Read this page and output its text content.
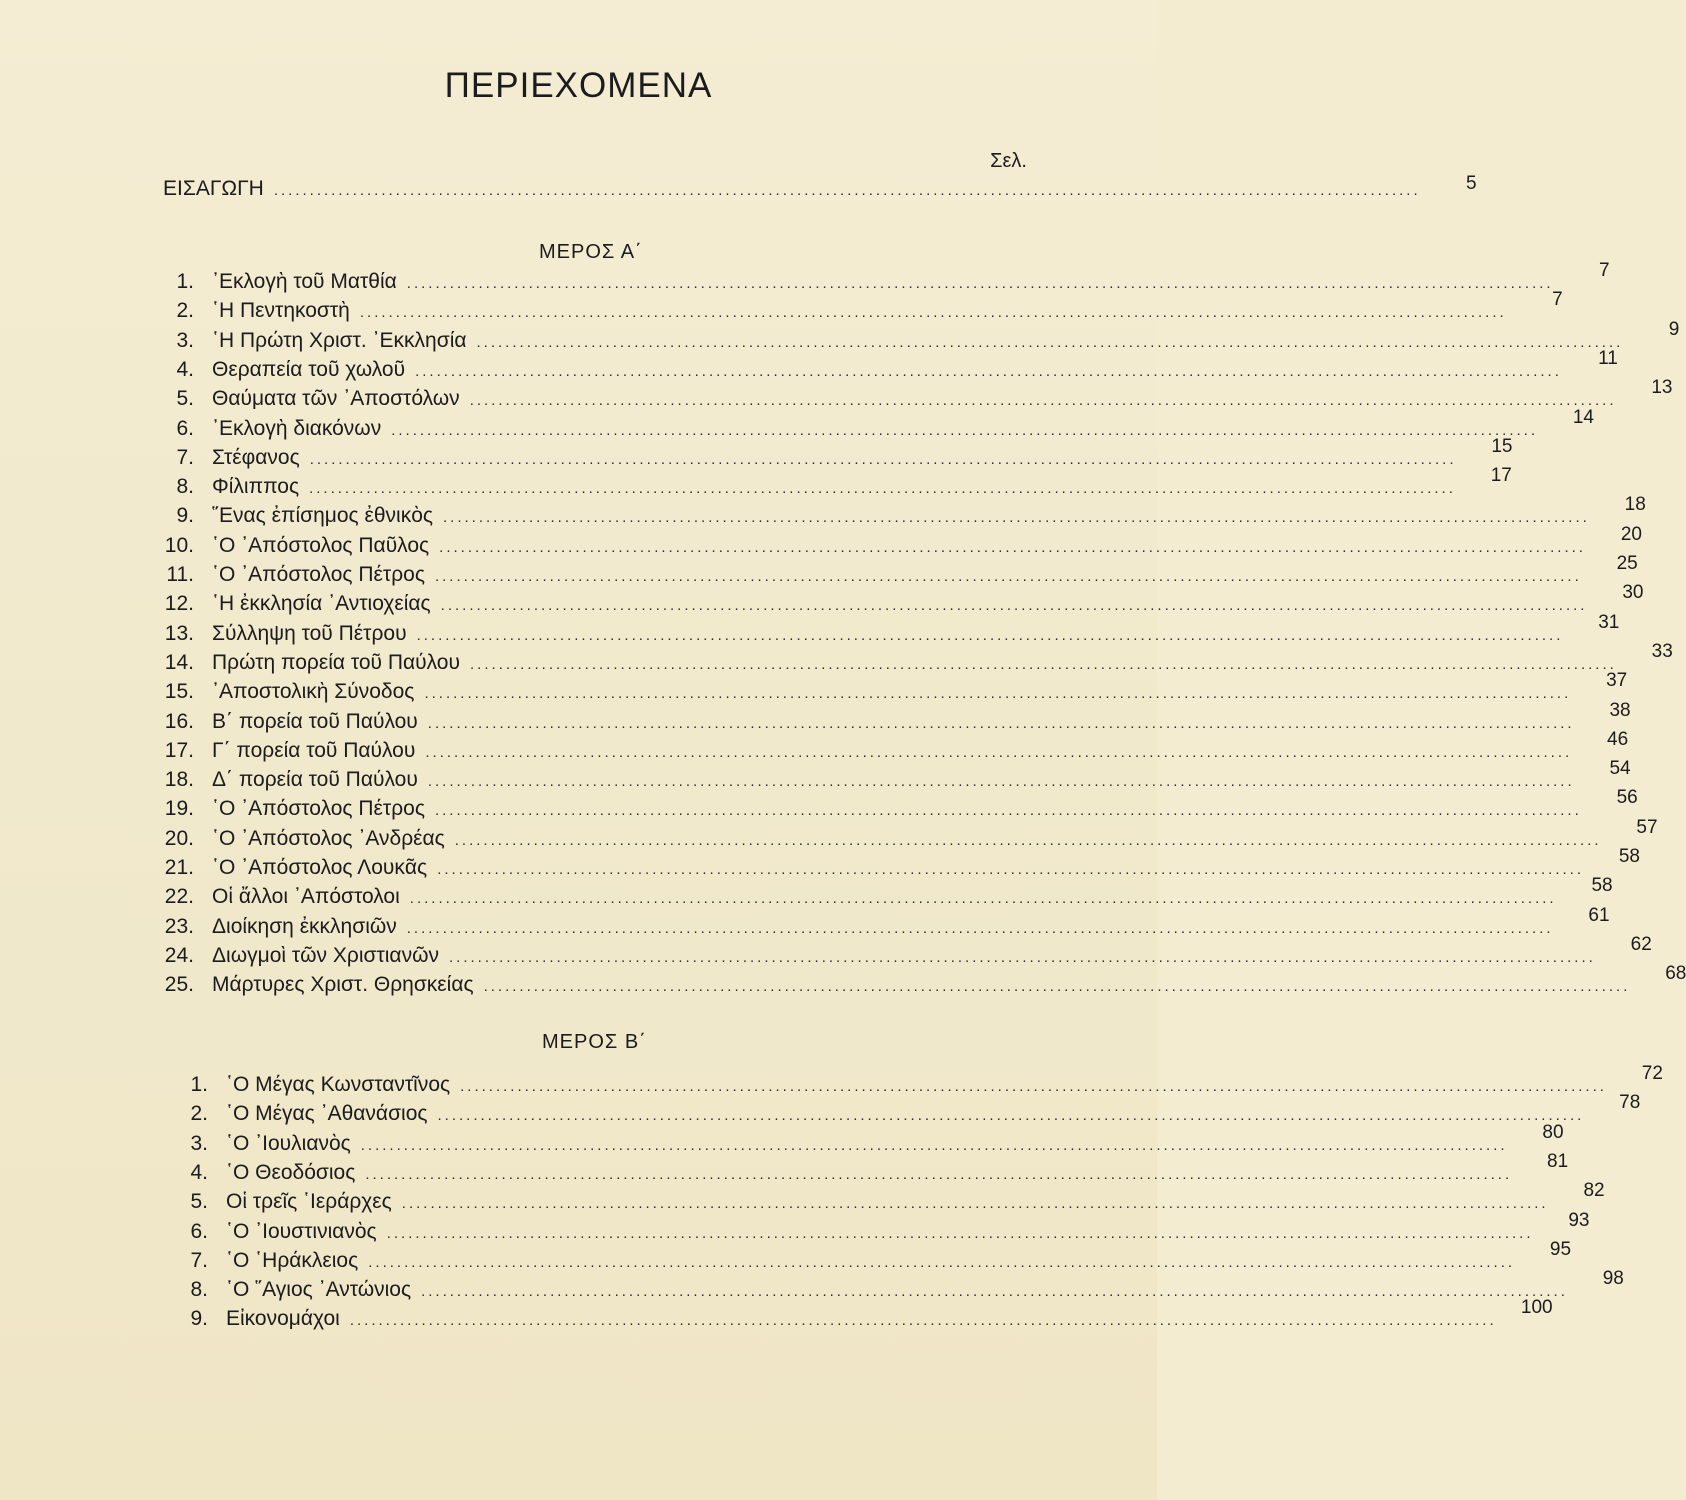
ΠΕΡΙΕΧΟΜΕΝΑ
Σελ.
ΕΙΣΑΓΩΓΗ ................................................................................................................................................................	5
ΜΕΡΟΣ Α΄
1. ᾿Εκλογὴ τοῦ Ματθία ................................................................................................................................................................
7
2. ῾Η Πεντηκοστὴ ................................................................................................................................................................
7
3. ῾Η Πρώτη Χριστ. ᾿Εκκλησία ................................................................................................................................................................
9
4. Θεραπεία τοῦ χωλοῦ ................................................................................................................................................................
11
5. Θαύματα τῶν ᾿Αποστόλων ................................................................................................................................................................
13
6. ᾿Εκλογὴ διακόνων ................................................................................................................................................................
14
7. Στέφανος ................................................................................................................................................................
15
8. Φίλιππος ................................................................................................................................................................
17
9. ῞Ενας ἐπίσημος ἐθνικὸς ................................................................................................................................................................
18
10. ῾Ο ᾿Απόστολος Παῦλος ................................................................................................................................................................
20
11. ῾Ο ᾿Απόστολος Πέτρος ................................................................................................................................................................
25
12. ῾Η ἐκκλησία ᾿Αντιοχείας ................................................................................................................................................................
30
13. Σύλληψη τοῦ Πέτρου ................................................................................................................................................................
31
14. Πρώτη πορεία τοῦ Παύλου ................................................................................................................................................................
33
15. ᾿Αποστολικὴ Σύνοδος ................................................................................................................................................................
37
16. Β΄ πορεία τοῦ Παύλου ................................................................................................................................................................
38
17. Γ΄ πορεία τοῦ Παύλου ................................................................................................................................................................
46
18. Δ΄ πορεία τοῦ Παύλου ................................................................................................................................................................
54
19. ῾Ο ᾿Απόστολος Πέτρος ................................................................................................................................................................
56
20. ῾Ο ᾿Απόστολος ᾿Ανδρέας ................................................................................................................................................................
57
21. ῾Ο ᾿Απόστολος Λουκᾶς ................................................................................................................................................................
58
22. Οἱ ἄλλοι ᾿Απόστολοι ................................................................................................................................................................
58
23. Διοίκηση ἐκκλησιῶν ................................................................................................................................................................
61
24. Διωγμοὶ τῶν Χριστιανῶν ................................................................................................................................................................
62
25. Μάρτυρες Χριστ. Θρησκείας ................................................................................................................................................................
68
ΜΕΡΟΣ Β΄
1. ῾Ο Μέγας Κωνσταντῖνος ................................................................................................................................................................
72
2. ῾Ο Μέγας ᾿Αθανάσιος ................................................................................................................................................................
78
3. ῾Ο ᾿Ιουλιανὸς ................................................................................................................................................................
80
4. ῾Ο Θεοδόσιος ................................................................................................................................................................
81
5. Οἱ τρεῖς ῾Ιεράρχες ................................................................................................................................................................
82
6. ῾Ο ᾿Ιουστινιανὸς ................................................................................................................................................................
93
7. ῾Ο ῾Ηράκλειος ................................................................................................................................................................
95
8. ῾Ο ῞Αγιος ᾿Αντώνιος ................................................................................................................................................................
98
9. Εἰκονομάχοι ................................................................................................................................................................
100
